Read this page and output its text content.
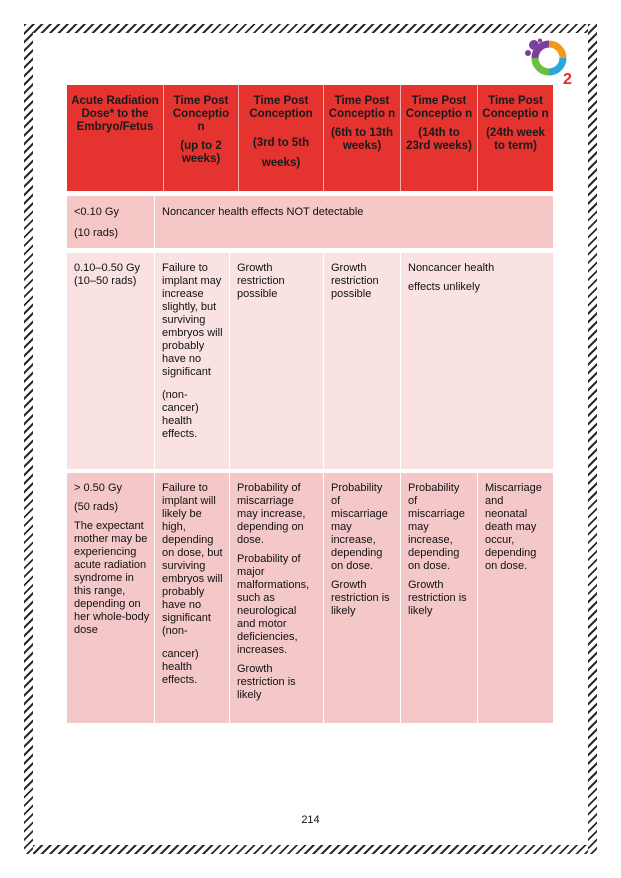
2
Acute Radiation Dose* to the Embryo/Fetus
Time Post Conceptio n
(up to 2 weeks)
Time Post Conception
(3rd to 5th weeks)
Time Post Conceptio n
(6th to 13th weeks)
Time Post Conceptio n
(14th to 23rd weeks)
Time Post Conceptio n
(24th week to term)

<0.10 Gy

(10 rads)

Noncancer health effects NOT detectable

0.10–0.50 Gy (10–50 rads)

Failure to implant may increase slightly, but surviving embryos will probably have no significant

(non-cancer) health effects.

Growth restriction possible

Growth restriction possible

Noncancer health

effects unlikely

> 0.50 Gy

(50 rads)

The expectant mother may be experiencing acute radiation syndrome in this range, depending on her whole-body dose

Failure to implant will likely be high, depending on dose, but surviving embryos will probably have no significant (non-

cancer) health effects.

Probability of miscarriage may increase, depending on dose.

Probability of major malformations, such as neurological and motor deficiencies, increases.

Growth restriction is likely

Probability of miscarriage may increase, depending on dose.

Growth restriction is likely

Probability of miscarriage may increase, depending on dose.

Growth restriction is likely

Miscarriage and neonatal death may occur, depending on dose.

214
